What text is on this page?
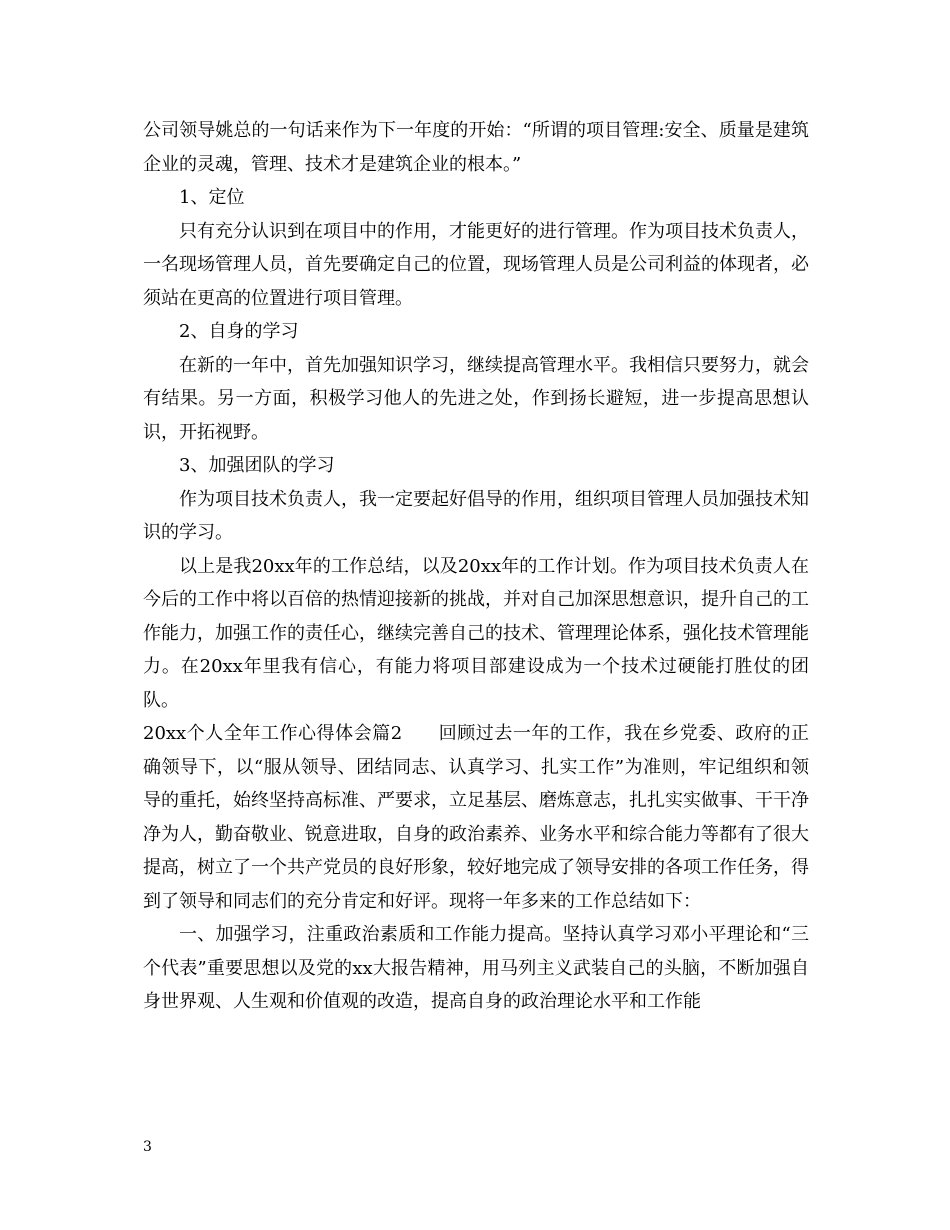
公司领导姚总的一句话来作为下一年度的开始：“所谓的项目管理:安全、质量是建筑企业的灵魂，管理、技术才是建筑企业的根本。”

1、定位

只有充分认识到在项目中的作用，才能更好的进行管理。作为项目技术负责人，一名现场管理人员，首先要确定自己的位置，现场管理人员是公司利益的体现者，必须站在更高的位置进行项目管理。

2、自身的学习

在新的一年中，首先加强知识学习，继续提高管理水平。我相信只要努力，就会有结果。另一方面，积极学习他人的先进之处，作到扬长避短，进一步提高思想认识，开拓视野。

3、加强团队的学习

作为项目技术负责人，我一定要起好倡导的作用，组织项目管理人员加强技术知识的学习。

以上是我20xx年的工作总结，以及20xx年的工作计划。作为项目技术负责人在今后的工作中将以百倍的热情迎接新的挑战，并对自己加深思想意识，提升自己的工作能力，加强工作的责任心，继续完善自己的技术、管理理论体系，强化技术管理能力。在20xx年里我有信心，有能力将项目部建设成为一个技术过硬能打胜仗的团队。

20xx个人全年工作心得体会篇2 回顾过去一年的工作，我在乡党委、政府的正确领导下，以“服从领导、团结同志、认真学习、扎实工作”为准则，牢记组织和领导的重托，始终坚持高标准、严要求，立足基层、磨炼意志，扎扎实实做事、干干净净为人，勤奋敬业、锐意进取，自身的政治素养、业务水平和综合能力等都有了很大提高，树立了一个共产党员的良好形象，较好地完成了领导安排的各项工作任务，得到了领导和同志们的充分肯定和好评。现将一年多来的工作总结如下：

一、加强学习，注重政治素质和工作能力提高。坚持认真学习邓小平理论和“三个代表”重要思想以及党的xx大报告精神，用马列主义武装自己的头脑，不断加强自身世界观、人生观和价值观的改造，提高自身的政治理论水平和工作能

3
